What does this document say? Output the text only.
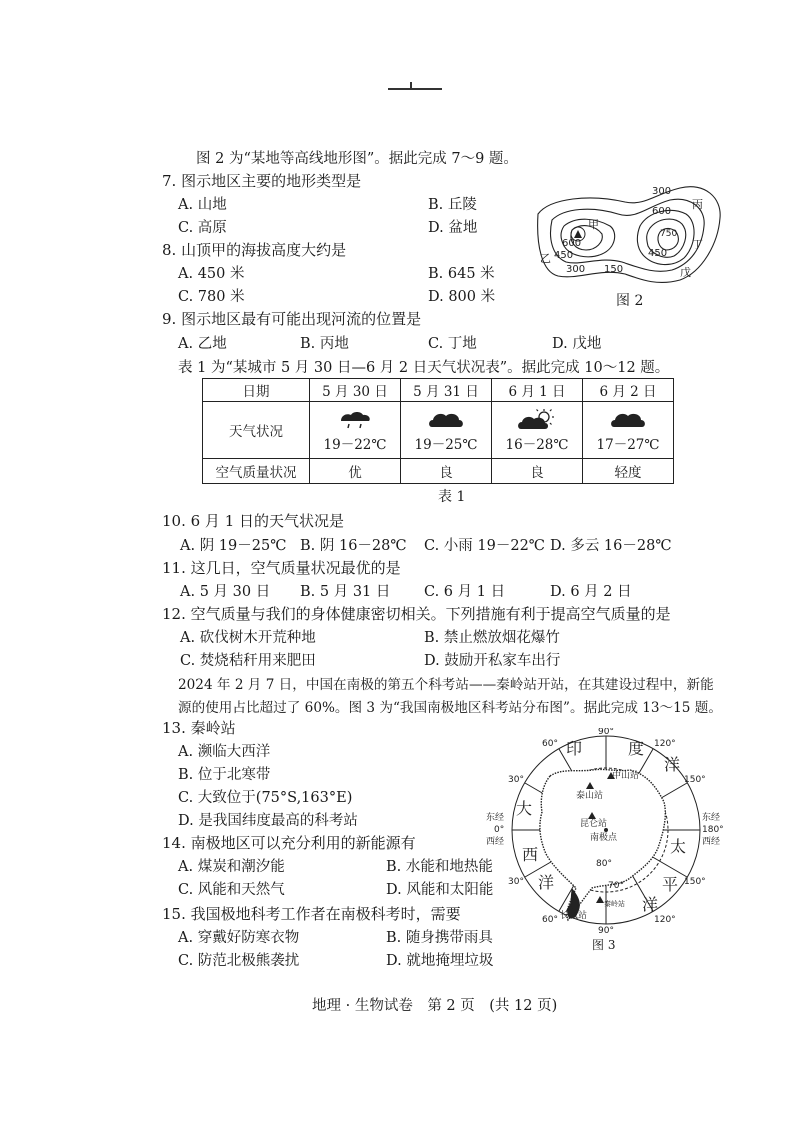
图 2 为“某地等高线地形图”。据此完成 7～9 题。
7. 图示地区主要的地形类型是
A. 山地	B. 丘陵
C. 高原	D. 盆地
8. 山顶甲的海拔高度大约是
A. 450 米	B. 645 米
C. 780 米	D. 800 米
300
600
750
450
600
450
300 150
甲
乙
丙
丁
戊
图 2
9. 图示地区最有可能出现河流的位置是
A. 乙地	B. 丙地	C. 丁地	D. 戊地
表 1 为“某城市 5 月 30 日—6 月 2 日天气状况表”。据此完成 10～12 题。
日期	5 月 30 日	5 月 31 日	6 月 1 日	6 月 2 日
天气状况	19－22℃	19－25℃	16－28℃	17－27℃

空气质量状况	优	良	良	轻度
表 1
10. 6 月 1 日的天气状况是
A. 阴 19－25℃ B. 阴 16－28℃ C. 小雨 19－22℃ D. 多云 16－28℃
11. 这几日，空气质量状况最优的是
A. 5 月 30 日 B. 5 月 31 日 C. 6 月 1 日	D. 6 月 2 日
12. 空气质量与我们的身体健康密切相关。下列措施有利于提高空气质量的是
A. 砍伐树木开荒种地	B. 禁止燃放烟花爆竹
C. 焚烧秸秆用来肥田	D. 鼓励开私家车出行
2024 年 2 月 7 日，中国在南极的第五个科考站——秦岭站开站，在其建设过程中，新能
源的使用占比超过了 60%。图 3 为“我国南极地区科考站分布图”。据此完成 13～15 题。
13. 秦岭站
A. 濒临大西洋
B. 位于北寒带
C. 大致位于(75°S,163°E)
D. 是我国纬度最高的科考站
14. 南极地区可以充分利用的新能源有
A. 煤炭和潮汐能	B. 水能和地热能
C. 风能和天然气	D. 风能和太阳能
15. 我国极地科考工作者在南极科考时，需要
A. 穿戴好防寒衣物	B. 随身携带雨具
C. 防范北极熊袭扰	D. 就地掩埋垃圾
90°
60°	120°
30°	150°
东经
0°
西经
东经
180°
西经
30°	150°
60°	120°
90°
80°
70°
中山站
泰山站
昆仑站
南极点
秦岭站
长城站
印	度
洋
大
西
洋
太
平
洋
图 3
地理 · 生物试卷　第 2 页　(共 12 页)
